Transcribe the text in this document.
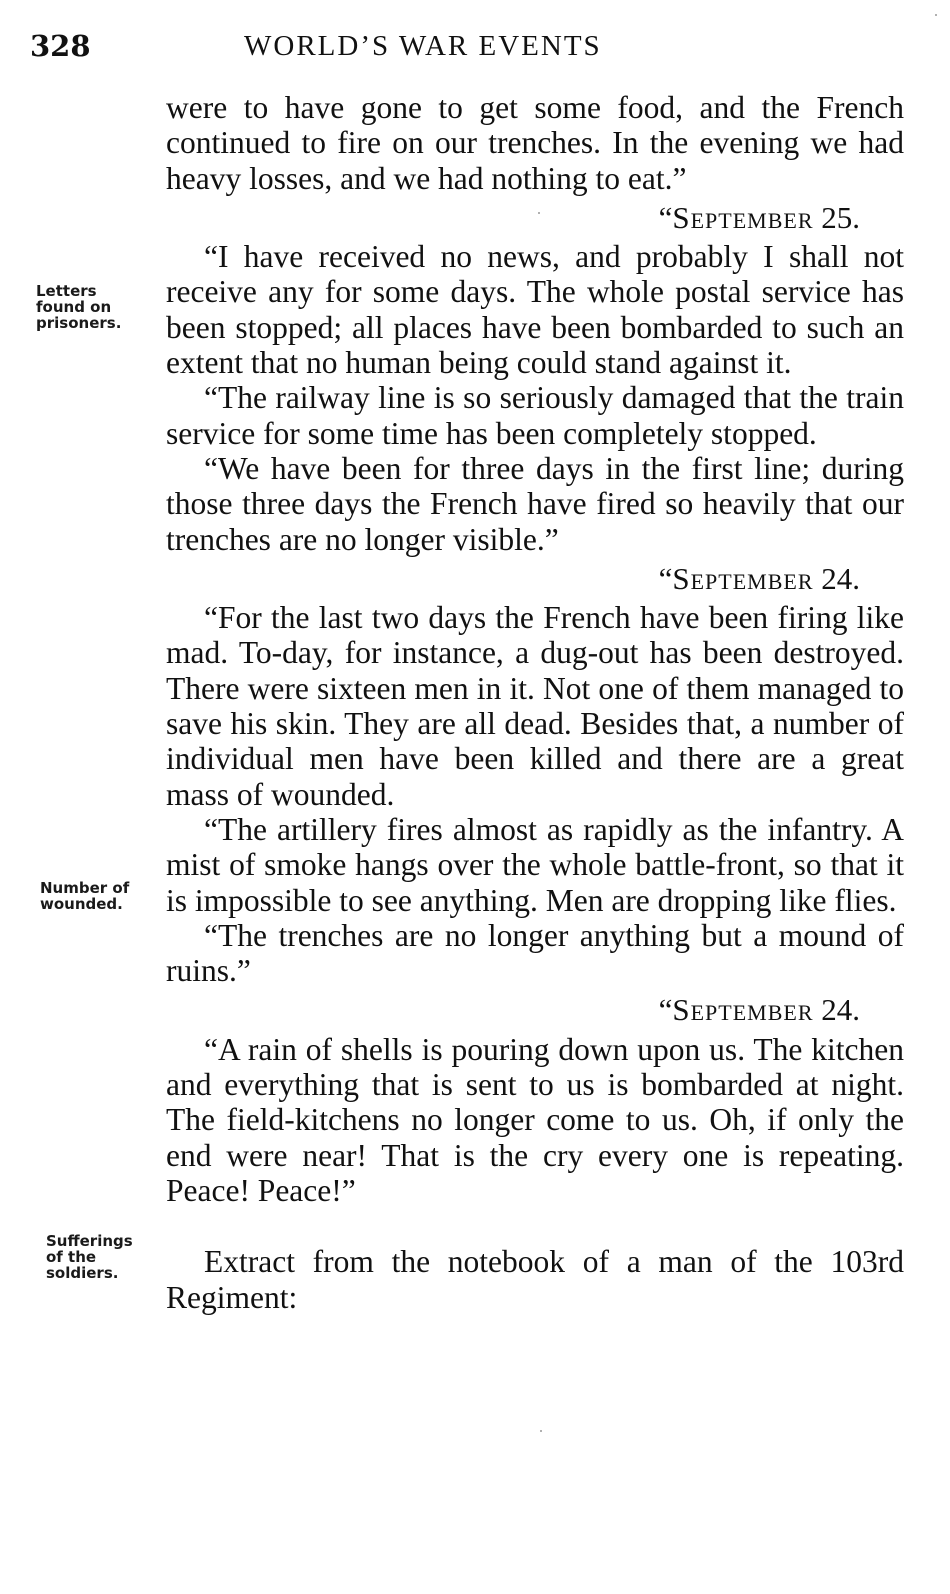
328	WORLD’S WAR EVENTS
Letters
found on
prisoners.
Number of
wounded.
Sufferings
of the
soldiers.

were to have gone to get some food, and the French continued to fire on our trenches. In the evening we had heavy losses, and we had nothing to eat.”

“September 25.

“I have received no news, and probably I shall not receive any for some days. The whole postal service has been stopped; all places have been bombarded to such an extent that no human being could stand against it.

“The railway line is so seriously damaged that the train service for some time has been completely stopped.

“We have been for three days in the first line; during those three days the French have fired so heavily that our trenches are no longer visible.”

“September 24.

“For the last two days the French have been firing like mad. To-day, for instance, a dug-out has been destroyed. There were sixteen men in it. Not one of them managed to save his skin. They are all dead. Besides that, a number of individual men have been killed and there are a great mass of wounded.

“The artillery fires almost as rapidly as the infantry. A mist of smoke hangs over the whole battle-front, so that it is impossible to see anything. Men are dropping like flies.

“The trenches are no longer anything but a mound of ruins.”

“September 24.

“A rain of shells is pouring down upon us. The kitchen and everything that is sent to us is bombarded at night. The field-kitchens no longer come to us. Oh, if only the end were near! That is the cry every one is repeating. Peace! Peace!”

Extract from the notebook of a man of the 103rd Regiment:
